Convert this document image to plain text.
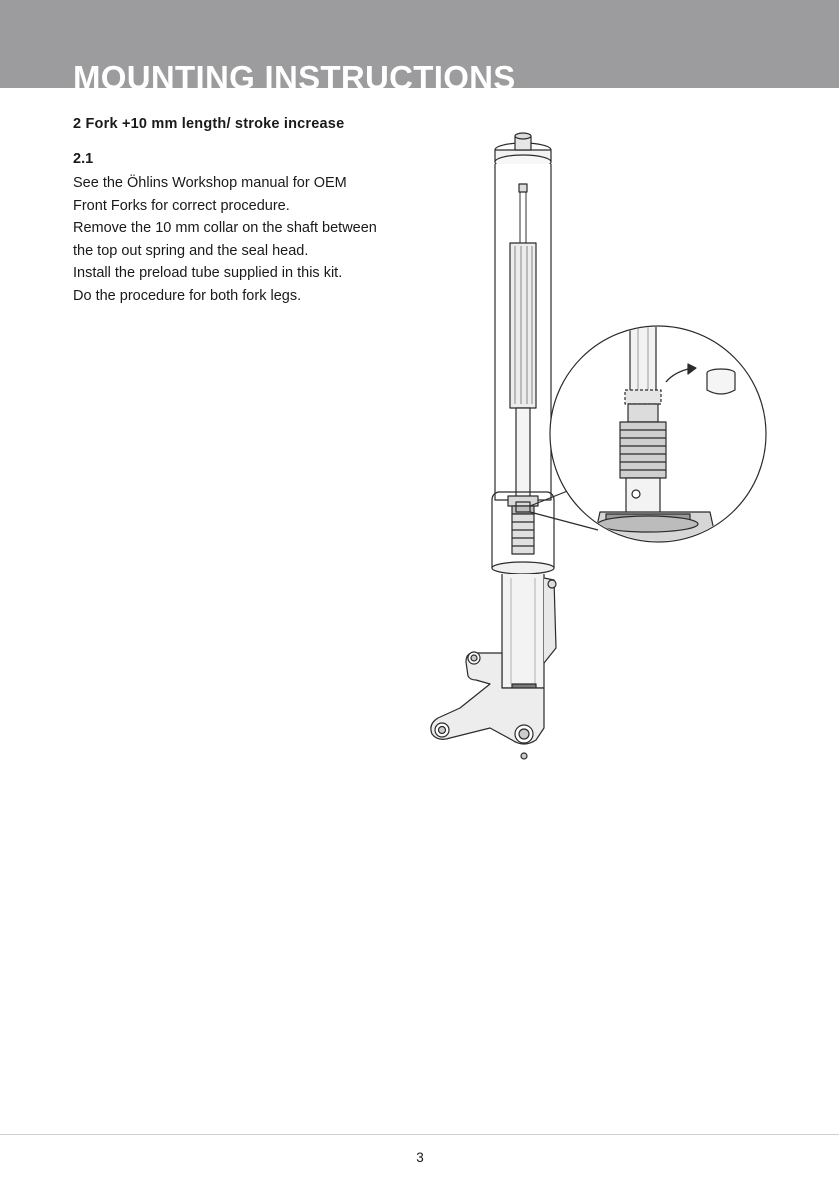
MOUNTING INSTRUCTIONS
2 Fork +10 mm length/ stroke increase
2.1
See the Öhlins Workshop manual for OEM
Front Forks for correct procedure.
Remove the 10 mm collar on the shaft between
the top out spring and the seal head.
Install the preload tube supplied in this kit.
Do the procedure for both fork legs.
3
